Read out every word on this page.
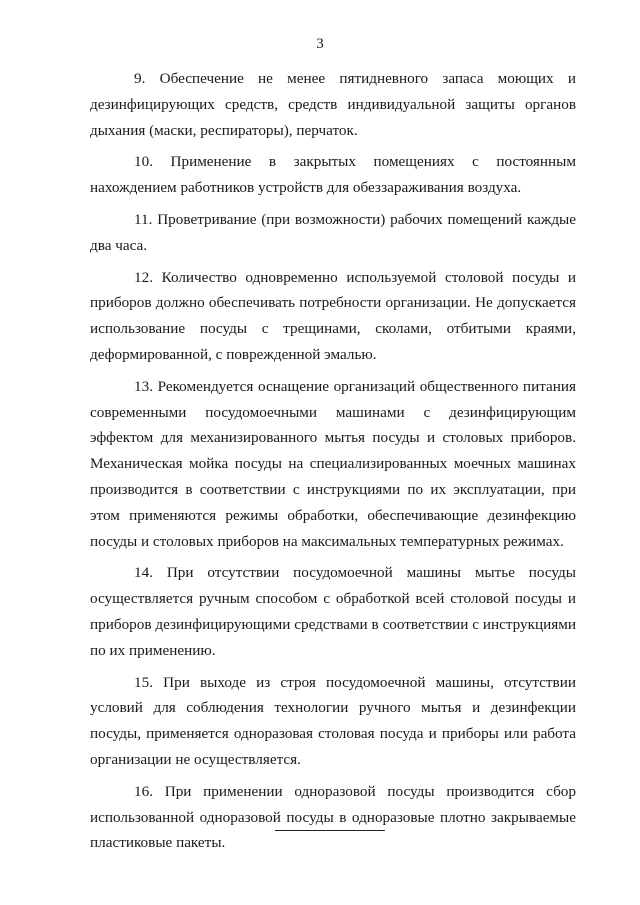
3

9. Обеспечение не менее пятидневного запаса моющих и дезинфицирующих средств, средств индивидуальной защиты органов дыхания (маски, респираторы), перчаток.

10. Применение в закрытых помещениях с постоянным нахождением работников устройств для обеззараживания воздуха.

11. Проветривание (при возможности) рабочих помещений каждые два часа.

12. Количество одновременно используемой столовой посуды и приборов должно обеспечивать потребности организации. Не допускается использование посуды с трещинами, сколами, отбитыми краями, деформированной, с поврежденной эмалью.

13. Рекомендуется оснащение организаций общественного питания современными посудомоечными машинами с дезинфицирующим эффектом для механизированного мытья посуды и столовых приборов. Механическая мойка посуды на специализированных моечных машинах производится в соответствии с инструкциями по их эксплуатации, при этом применяются режимы обработки, обеспечивающие дезинфекцию посуды и столовых приборов на максимальных температурных режимах.

14. При отсутствии посудомоечной машины мытье посуды осуществляется ручным способом с обработкой всей столовой посуды и приборов дезинфицирующими средствами в соответствии с инструкциями по их применению.

15. При выходе из строя посудомоечной машины, отсутствии условий для соблюдения технологии ручного мытья и дезинфекции посуды, применяется одноразовая столовая посуда и приборы или работа организации не осуществляется.

16. При применении одноразовой посуды производится сбор использованной одноразовой посуды в одноразовые плотно закрываемые пластиковые пакеты.
